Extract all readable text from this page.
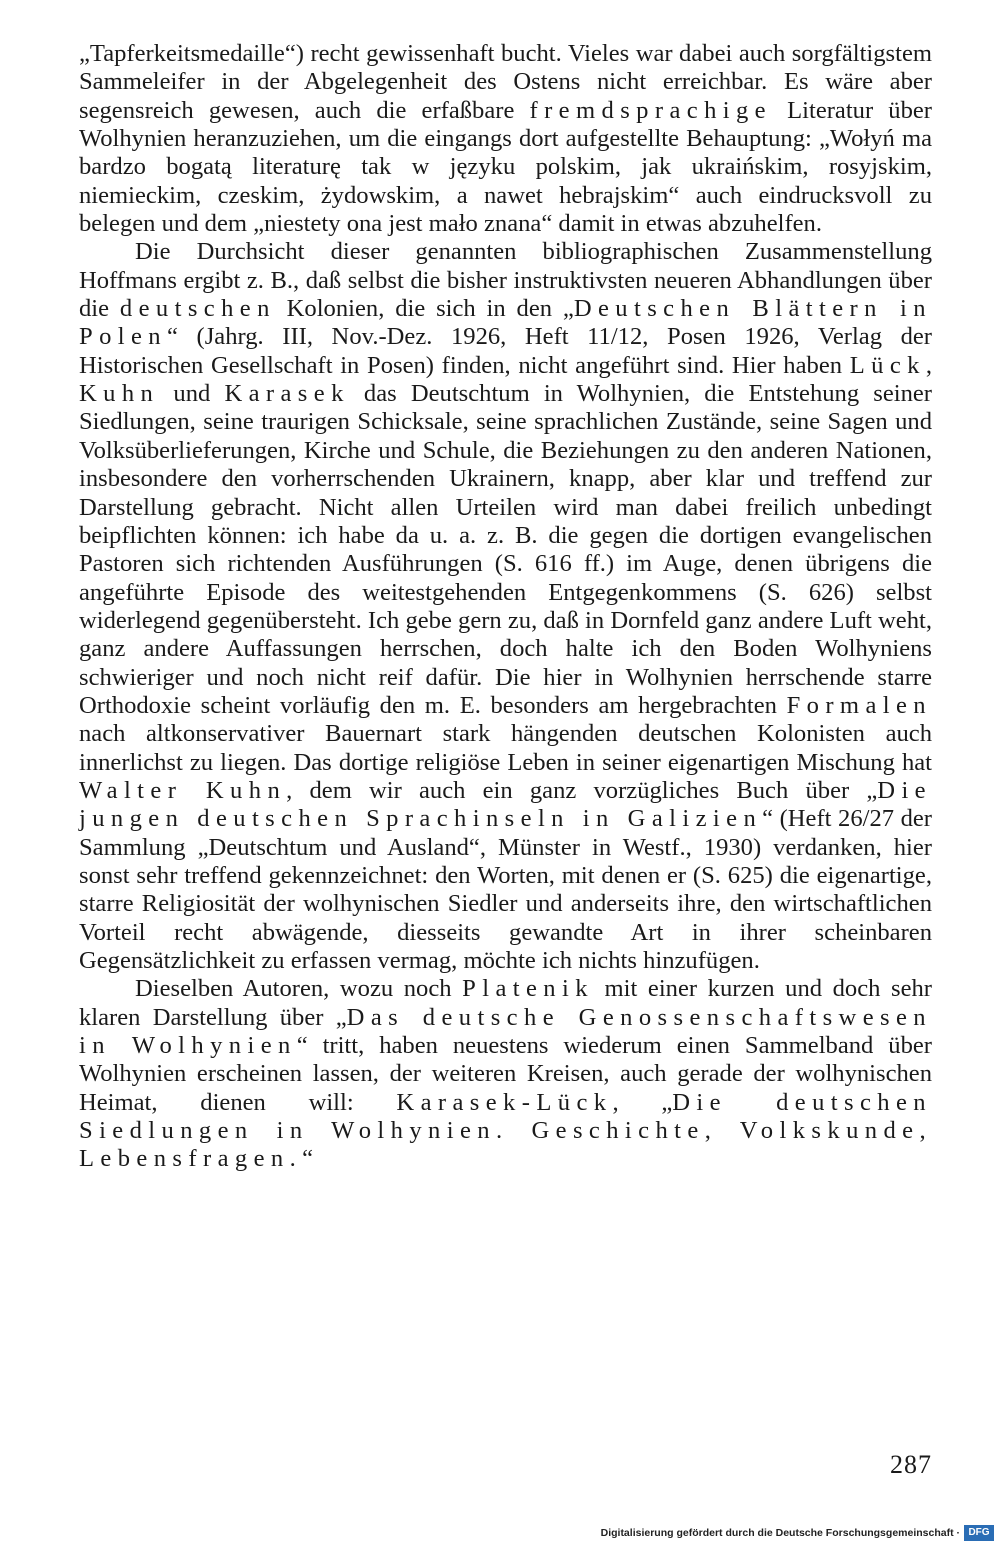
„Tapferkeitsmedaille“) recht gewissenhaft bucht. Vieles war dabei auch sorgfältigstem Sammeleifer in der Abgelegenheit des Ostens nicht erreichbar. Es wäre aber segensreich gewesen, auch die erfaßbare fremdsprachige Literatur über Wolhynien heranzuziehen, um die eingangs dort aufgestellte Behauptung: „Wołyń ma bardzo bogatą literaturę tak w języku polskim, jak ukraińskim, rosyjskim, niemieckim, czeskim, żydowskim, a nawet hebrajskim“ auch eindrucksvoll zu belegen und dem „niestety ona jest mało znana“ damit in etwas abzuhelfen.

Die Durchsicht dieser genannten bibliographischen Zusammenstellung Hoffmans ergibt z. B., daß selbst die bisher instruktivsten neueren Abhandlungen über die deutschen Kolonien, die sich in den „Deutschen Blättern in Polen“ (Jahrg. III, Nov.-Dez. 1926, Heft 11/12, Posen 1926, Verlag der Historischen Gesellschaft in Posen) finden, nicht angeführt sind. Hier haben Lück, Kuhn und Karasek das Deutschtum in Wolhynien, die Entstehung seiner Siedlungen, seine traurigen Schicksale, seine sprachlichen Zustände, seine Sagen und Volksüberlieferungen, Kirche und Schule, die Beziehungen zu den anderen Nationen, insbesondere den vorherrschenden Ukrainern, knapp, aber klar und treffend zur Darstellung gebracht. Nicht allen Urteilen wird man dabei freilich unbedingt beipflichten können: ich habe da u. a. z. B. die gegen die dortigen evangelischen Pastoren sich richtenden Ausführungen (S. 616 ff.) im Auge, denen übrigens die angeführte Episode des weitestgehenden Entgegenkommens (S. 626) selbst widerlegend gegenübersteht. Ich gebe gern zu, daß in Dornfeld ganz andere Luft weht, ganz andere Auffassungen herrschen, doch halte ich den Boden Wolhyniens schwieriger und noch nicht reif dafür. Die hier in Wolhynien herrschende starre Orthodoxie scheint vorläufig den m. E. besonders am hergebrachten Formalen nach altkonservativer Bauernart stark hängenden deutschen Kolonisten auch innerlichst zu liegen. Das dortige religiöse Leben in seiner eigenartigen Mischung hat Walter Kuhn, dem wir auch ein ganz vorzügliches Buch über „Die jungen deutschen Sprachinseln in Galizien“ (Heft 26/27 der Sammlung „Deutschtum und Ausland“, Münster in Westf., 1930) verdanken, hier sonst sehr treffend gekennzeichnet: den Worten, mit denen er (S. 625) die eigenartige, starre Religiosität der wolhynischen Siedler und anderseits ihre, den wirtschaftlichen Vorteil recht abwägende, diesseits gewandte Art in ihrer scheinbaren Gegensätzlichkeit zu erfassen vermag, möchte ich nichts hinzufügen.

Dieselben Autoren, wozu noch Platenik mit einer kurzen und doch sehr klaren Darstellung über „Das deutsche Genossenschaftswesen in Wolhynien“ tritt, haben neuestens wiederum einen Sammelband über Wolhynien erscheinen lassen, der weiteren Kreisen, auch gerade der wolhynischen Heimat, dienen will: Karasek-Lück, „Die deutschen Siedlungen in Wolhynien. Geschichte, Volkskunde, Lebensfragen.“

287
Digitalisierung gefördert durch die Deutsche Forschungsgemeinschaft · DFG
